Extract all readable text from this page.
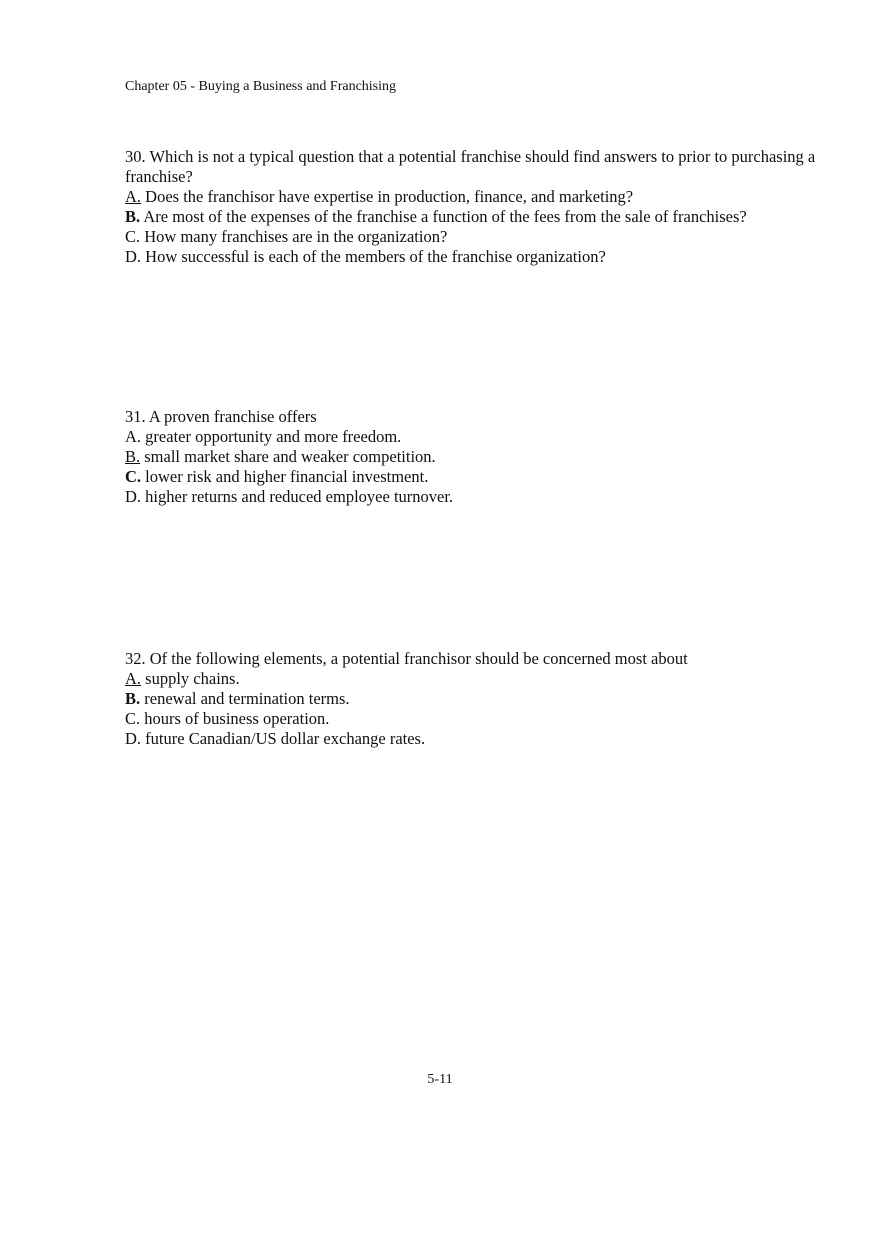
Chapter 05 - Buying a Business and Franchising

30. Which is not a typical question that a potential franchise should find answers to prior to purchasing a franchise?

A. Does the franchisor have expertise in production, finance, and marketing?

B. Are most of the expenses of the franchise a function of the fees from the sale of franchises?

C. How many franchises are in the organization?

D. How successful is each of the members of the franchise organization?

31. A proven franchise offers

A. greater opportunity and more freedom.

B. small market share and weaker competition.

C. lower risk and higher financial investment.

D. higher returns and reduced employee turnover.

32. Of the following elements, a potential franchisor should be concerned most about

A. supply chains.

B. renewal and termination terms.

C. hours of business operation.

D. future Canadian/US dollar exchange rates.

5-11
